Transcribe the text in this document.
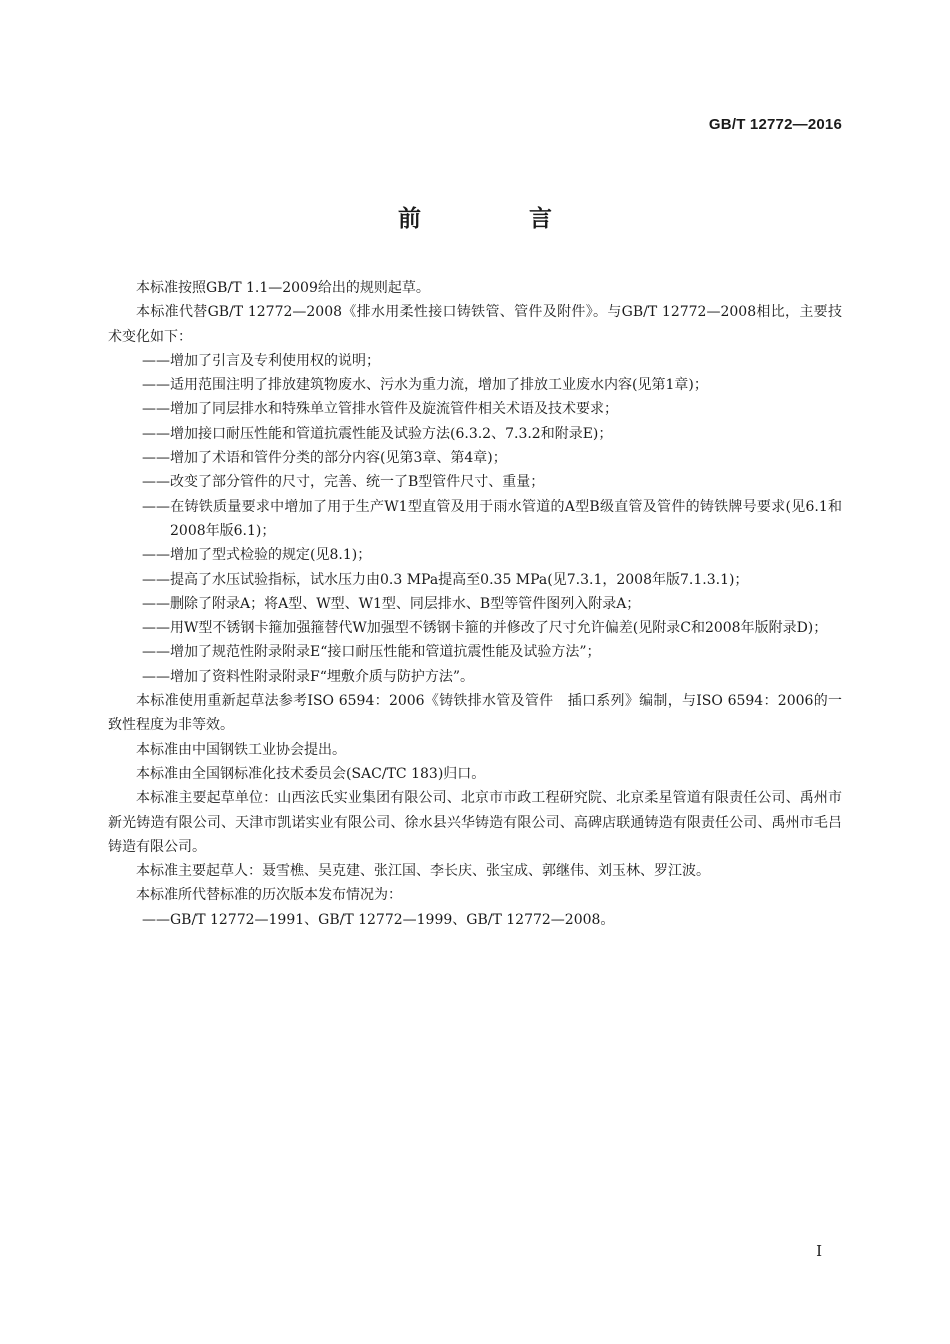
GB/T 12772—2016
前 言

本标准按照GB/T 1.1—2009给出的规则起草。

本标准代替GB/T 12772—2008《排水用柔性接口铸铁管、管件及附件》。与GB/T 12772—2008相比，主要技术变化如下：

——增加了引言及专利使用权的说明；

——适用范围注明了排放建筑物废水、污水为重力流，增加了排放工业废水内容(见第1章)；

——增加了同层排水和特殊单立管排水管件及旋流管件相关术语及技术要求；

——增加接口耐压性能和管道抗震性能及试验方法(6.3.2、7.3.2和附录E)；

——增加了术语和管件分类的部分内容(见第3章、第4章)；

——改变了部分管件的尺寸，完善、统一了B型管件尺寸、重量；

——在铸铁质量要求中增加了用于生产W1型直管及用于雨水管道的A型B级直管及管件的铸铁牌号要求(见6.1和2008年版6.1)；

——增加了型式检验的规定(见8.1)；

——提高了水压试验指标，试水压力由0.3 MPa提高至0.35 MPa(见7.3.1，2008年版7.1.3.1)；

——删除了附录A；将A型、W型、W1型、同层排水、B型等管件图列入附录A；

——用W型不锈钢卡箍加强箍替代W加强型不锈钢卡箍的并修改了尺寸允许偏差(见附录C和2008年版附录D)；

——增加了规范性附录附录E“接口耐压性能和管道抗震性能及试验方法”；

——增加了资料性附录附录F“埋敷介质与防护方法”。

本标准使用重新起草法参考ISO 6594：2006《铸铁排水管及管件　插口系列》编制，与ISO 6594：2006的一致性程度为非等效。

本标准由中国钢铁工业协会提出。

本标准由全国钢标准化技术委员会(SAC/TC 183)归口。

本标准主要起草单位：山西泫氏实业集团有限公司、北京市市政工程研究院、北京柔星管道有限责任公司、禹州市新光铸造有限公司、天津市凯诺实业有限公司、徐水县兴华铸造有限公司、高碑店联通铸造有限责任公司、禹州市毛吕铸造有限公司。

本标准主要起草人：聂雪樵、吴克建、张江国、李长庆、张宝成、郭继伟、刘玉林、罗江波。

本标准所代替标准的历次版本发布情况为：

——GB/T 12772—1991、GB/T 12772—1999、GB/T 12772—2008。

I
